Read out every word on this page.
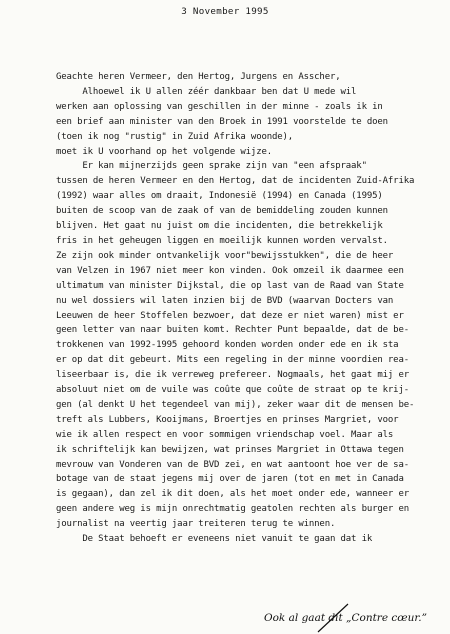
3 November 1995
Geachte heren Vermeer, den Hertog, Jurgens en Asscher,
Alhoewel ik U allen zéér dankbaar ben dat U mede wil
werken aan oplossing van geschillen in der minne - zoals ik in
een brief aan minister van den Broek in 1991 voorstelde te doen
(toen ik nog "rustig" in Zuid Afrika woonde),
moet ik U voorhand op het volgende wijze.
Er kan mijnerzijds geen sprake zijn van "een afspraak"
tussen de heren Vermeer en den Hertog, dat de incidenten Zuid-Afrika
(1992) waar alles om draait, Indonesië (1994) en Canada (1995)
buiten de scoop van de zaak of van de bemiddeling zouden kunnen
blijven. Het gaat nu juist om die incidenten, die betrekkelijk
fris in het geheugen liggen en moeilijk kunnen worden vervalst.
Ze zijn ook minder ontvankelijk voor"bewijsstukken", die de heer
van Velzen in 1967 niet meer kon vinden. Ook omzeil ik daarmee een
ultimatum van minister Dijkstal, die op last van de Raad van State
nu wel dossiers wil laten inzien bij de BVD (waarvan Docters van
Leeuwen de heer Stoffelen bezwoer, dat deze er niet waren) mist er
geen letter van naar buiten komt. Rechter Punt bepaalde, dat de be-
trokkenen van 1992-1995 gehoord konden worden onder ede en ik sta
er op dat dit gebeurt. Mits een regeling in der minne voordien rea-
liseerbaar is, die ik verreweg prefereer. Nogmaals, het gaat mij er
absoluut niet om de vuile was coûte que coûte de straat op te krij-
gen (al denkt U het tegendeel van mij), zeker waar dit de mensen be-
treft als Lubbers, Kooijmans, Broertjes en prinses Margriet, voor
wie ik allen respect en voor sommigen vriendschap voel. Maar als
ik schriftelijk kan bewijzen, wat prinses Margriet in Ottawa tegen
mevrouw van Vonderen van de BVD zei, en wat aantoont hoe ver de sa-
botage van de staat jegens mij over de jaren (tot en met in Canada
is gegaan), dan zel ik dit doen, als het moet onder ede, wanneer er
geen andere weg is mijn onrechtmatig geatolen rechten als burger en
journalist na veertig jaar treiteren terug te winnen.
De Staat behoeft er eveneens niet vanuit te gaan dat ik
Ook al gaat dit „Contre cœur.”
